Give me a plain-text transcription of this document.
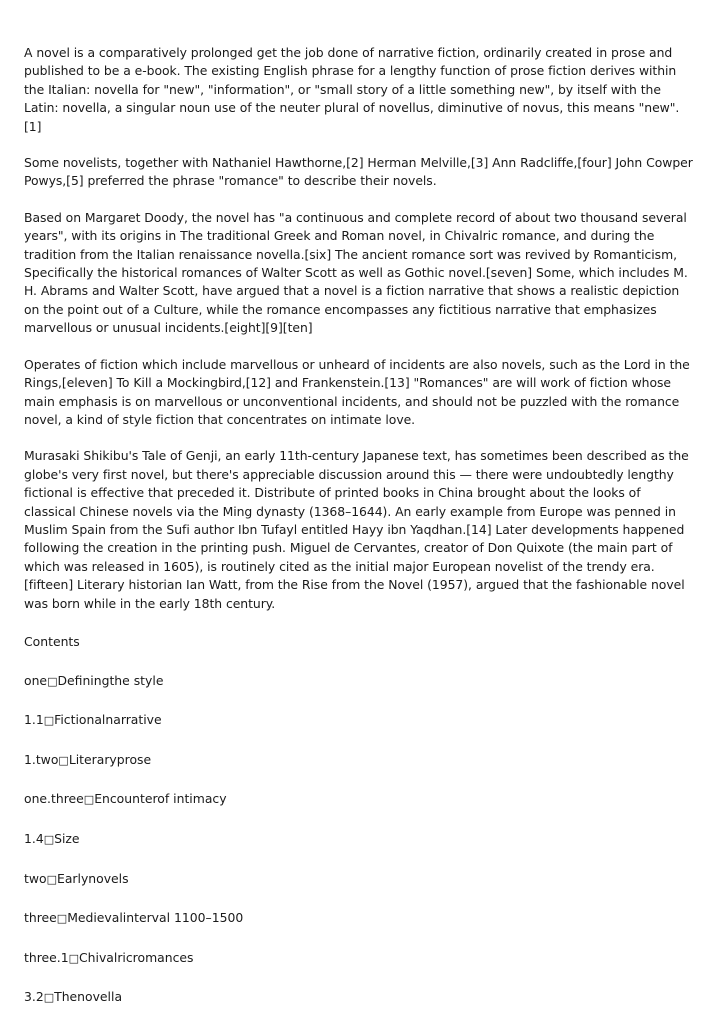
A novel is a comparatively prolonged get the job done of narrative fiction, ordinarily created in prose and published to be a e-book. The existing English phrase for a lengthy function of prose fiction derives within the Italian: novella for "new", "information", or "small story of a little something new", by itself with the Latin: novella, a singular noun use of the neuter plural of novellus, diminutive of novus, this means "new".[1]

Some novelists, together with Nathaniel Hawthorne,[2] Herman Melville,[3] Ann Radcliffe,[four] John Cowper Powys,[5] preferred the phrase "romance" to describe their novels.

Based on Margaret Doody, the novel has "a continuous and complete record of about two thousand several years", with its origins in The traditional Greek and Roman novel, in Chivalric romance, and during the tradition from the Italian renaissance novella.[six] The ancient romance sort was revived by Romanticism, Specifically the historical romances of Walter Scott as well as Gothic novel.[seven] Some, which includes M. H. Abrams and Walter Scott, have argued that a novel is a fiction narrative that shows a realistic depiction on the point out of a Culture, while the romance encompasses any fictitious narrative that emphasizes marvellous or unusual incidents.[eight][9][ten]

Operates of fiction which include marvellous or unheard of incidents are also novels, such as the Lord in the Rings,[eleven] To Kill a Mockingbird,[12] and Frankenstein.[13] "Romances" are will work of fiction whose main emphasis is on marvellous or unconventional incidents, and should not be puzzled with the romance novel, a kind of style fiction that concentrates on intimate love.

Murasaki Shikibu's Tale of Genji, an early 11th-century Japanese text, has sometimes been described as the globe's very first novel, but there's appreciable discussion around this — there were undoubtedly lengthy fictional is effective that preceded it. Distribute of printed books in China brought about the looks of classical Chinese novels via the Ming dynasty (1368–1644). An early example from Europe was penned in Muslim Spain from the Sufi author Ibn Tufayl entitled Hayy ibn Yaqdhan.[14] Later developments happened following the creation in the printing push. Miguel de Cervantes, creator of Don Quixote (the main part of which was released in 1605), is routinely cited as the initial major European novelist of the trendy era.[fifteen] Literary historian Ian Watt, from the Rise from the Novel (1957), argued that the fashionable novel was born while in the early 18th century.

Contents
one □ Definingthe style
1.1 □ Fictionalnarrative
1.two □ Literaryprose
one.three □ Encounterof intimacy
1.4 □ Size
two □ Earlynovels
three □ Medievalinterval 1100–1500
three.1 □ Chivalricromances
3.2 □ Thenovella
